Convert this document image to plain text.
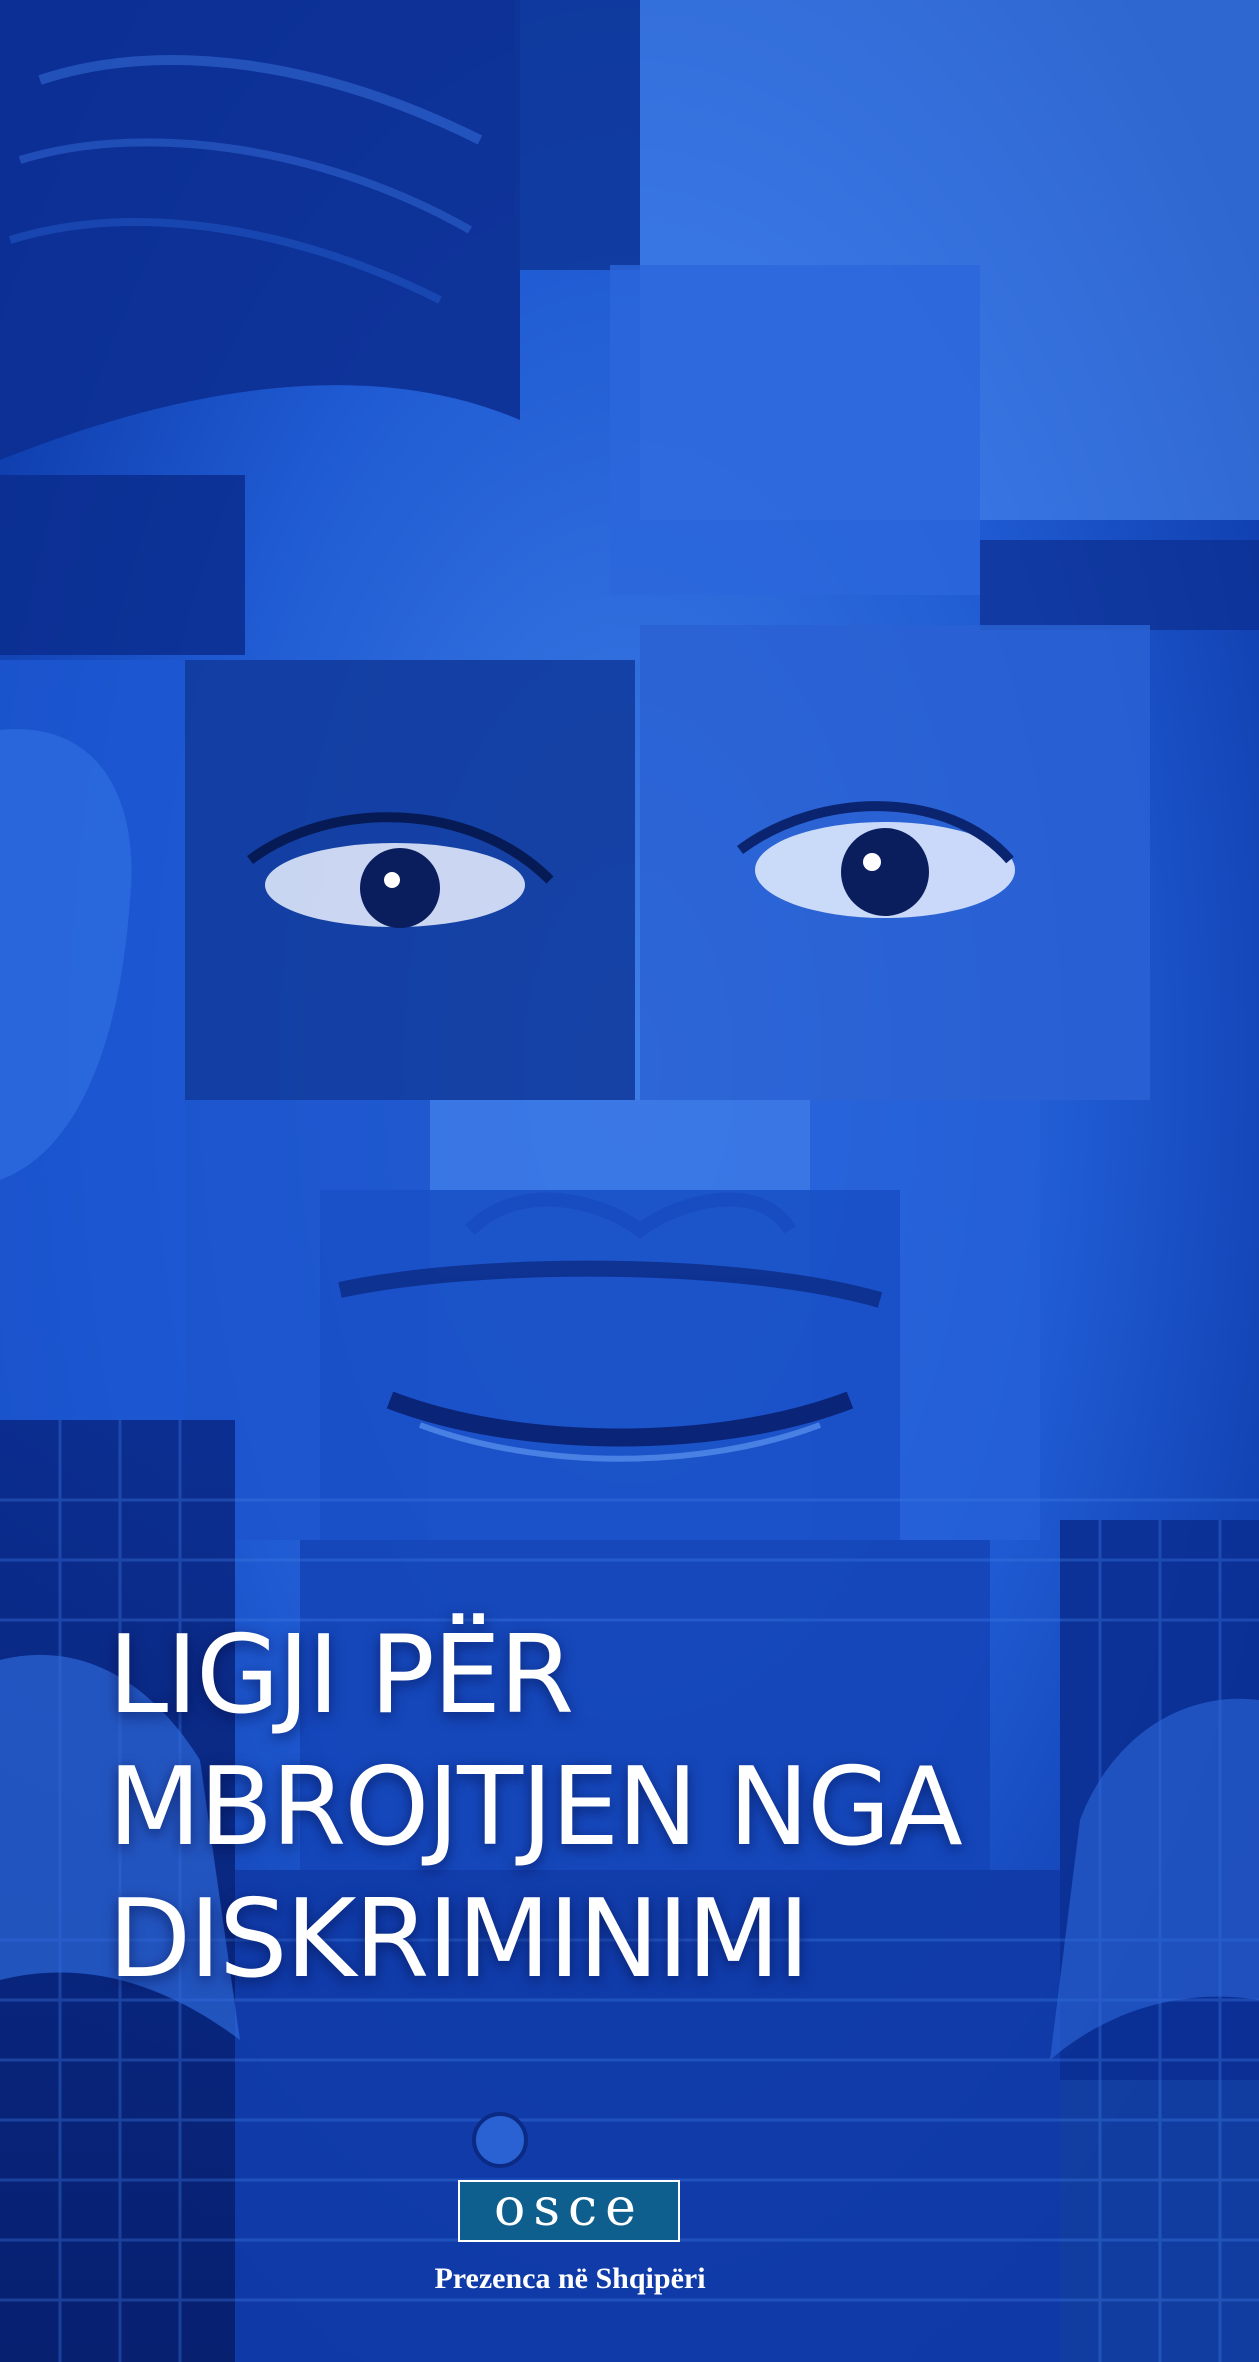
LIGJI PËR
MBROJTJEN NGA
DISKRIMINIMI
osce
Prezenca në Shqipëri
